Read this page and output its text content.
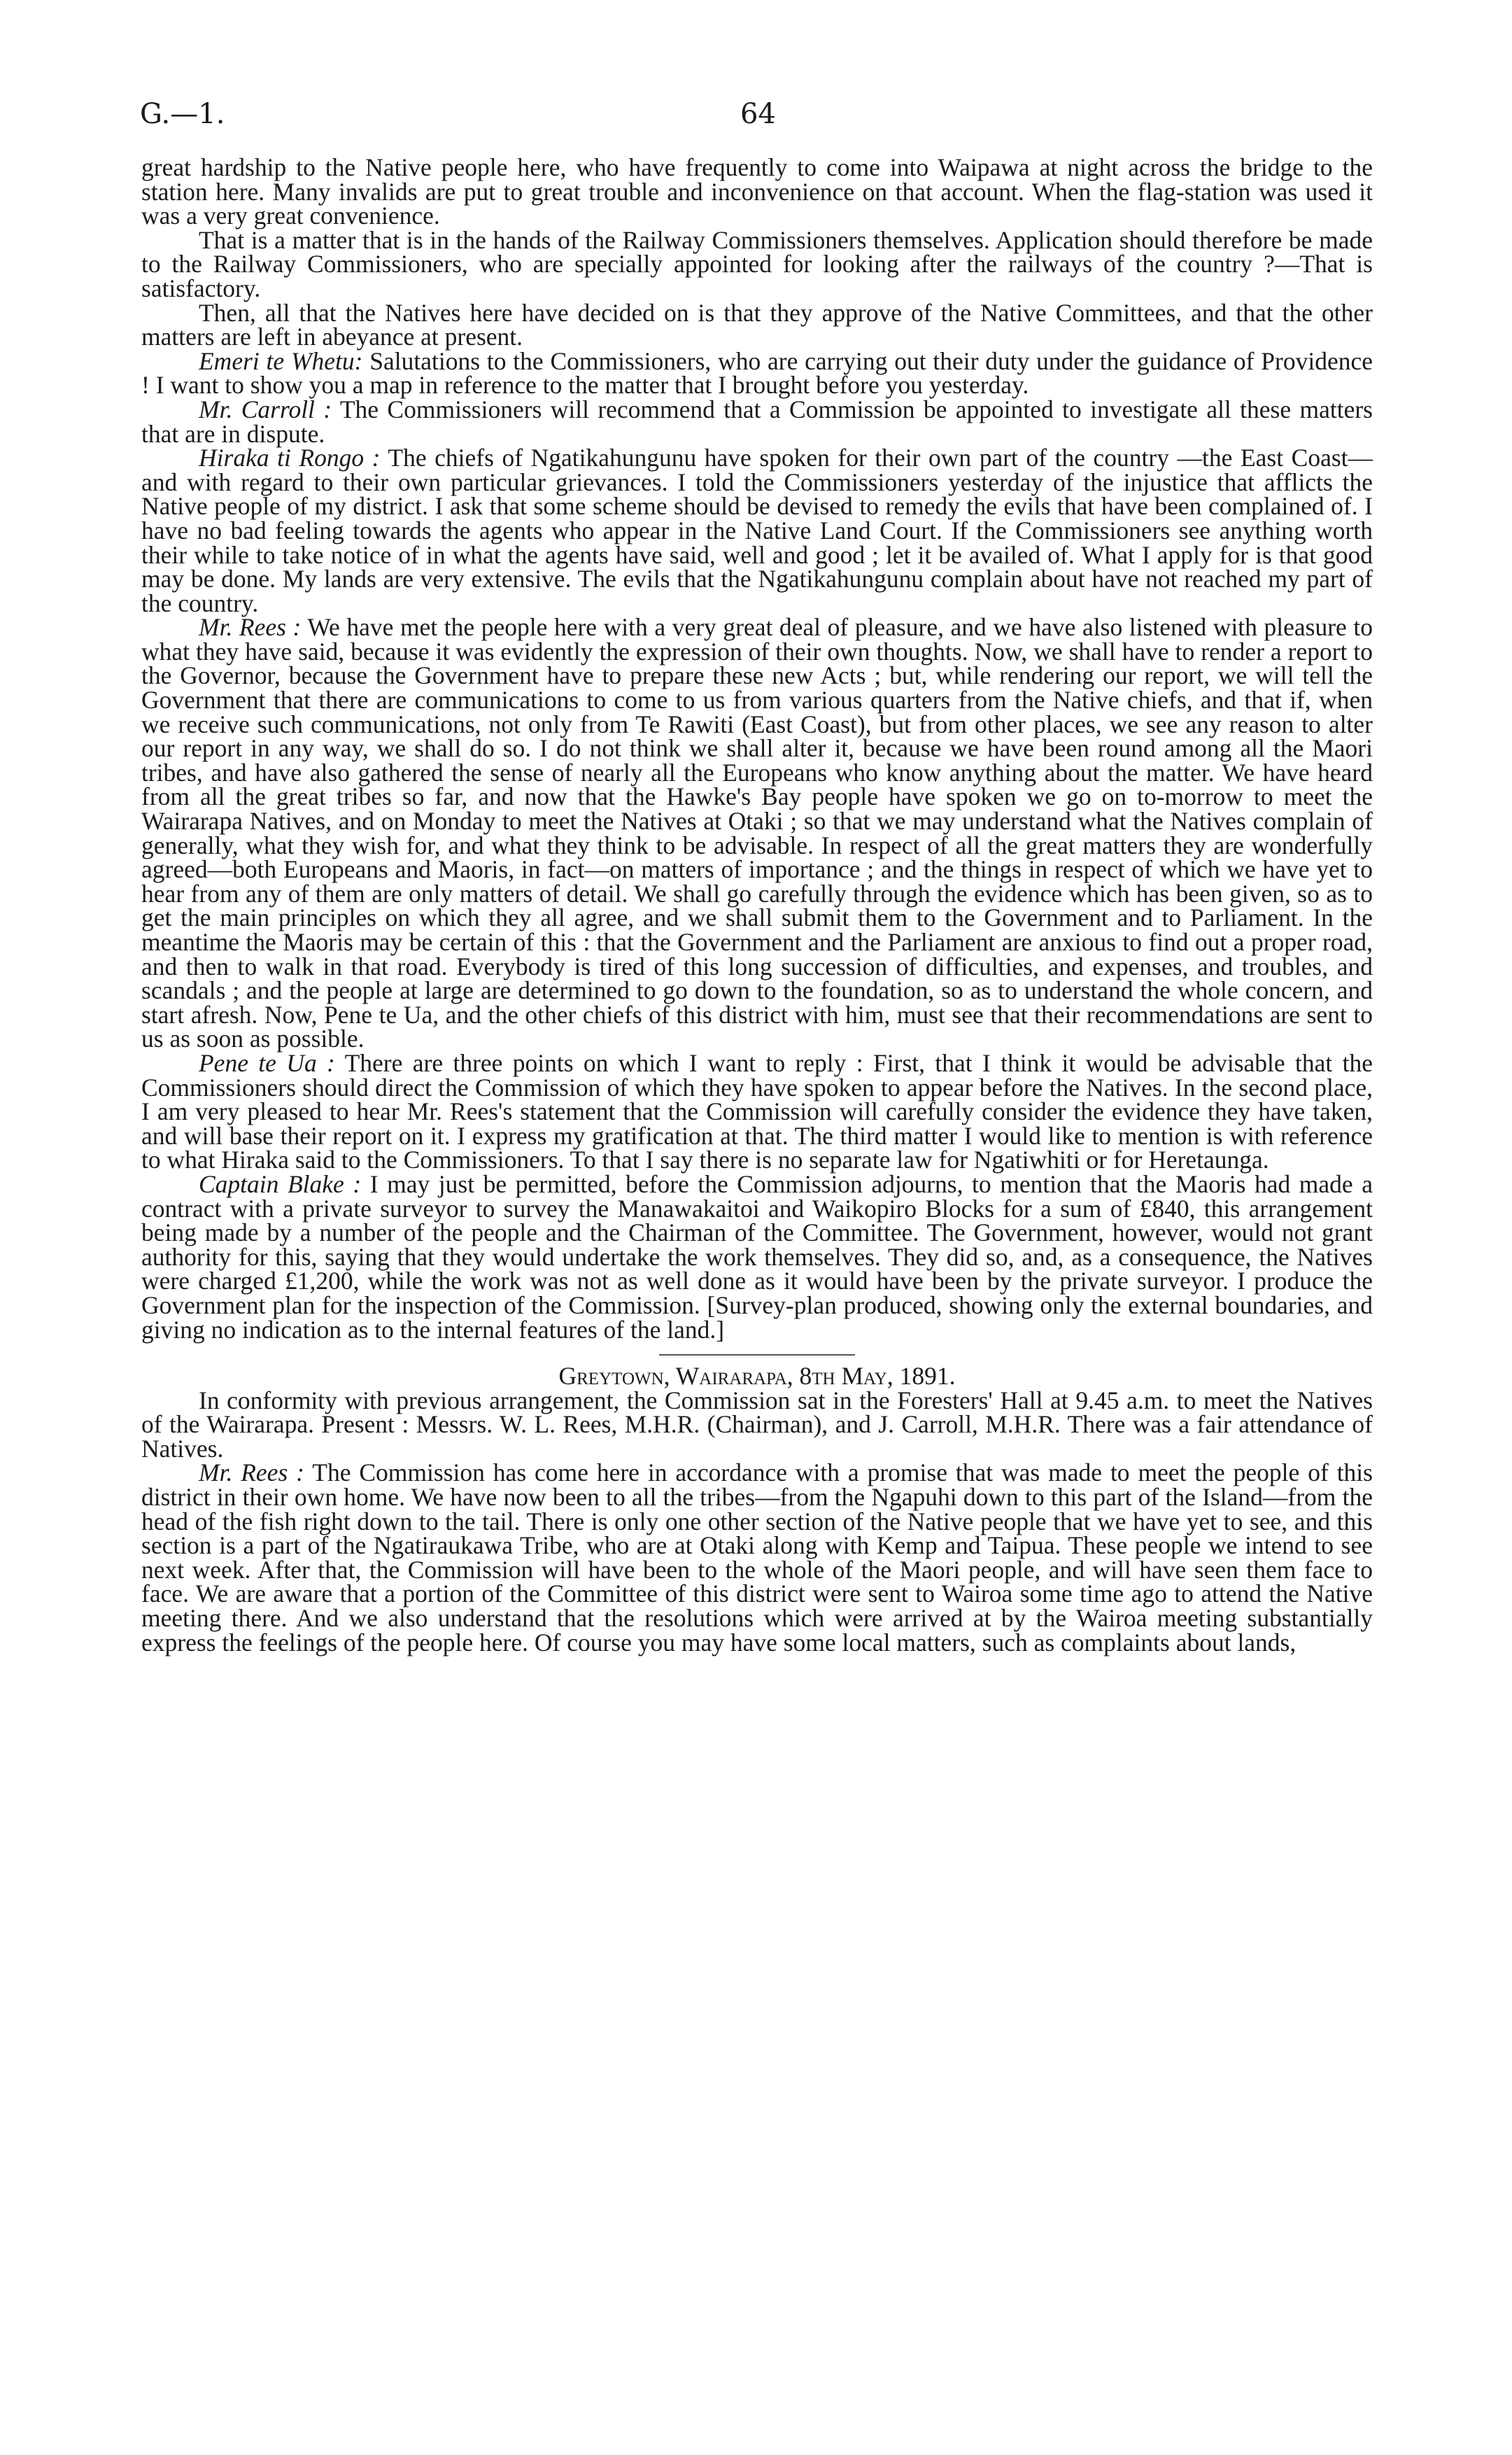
G.—1.	64

great hardship to the Native people here, who have frequently to come into Waipawa at night across the bridge to the station here. Many invalids are put to great trouble and inconvenience on that account. When the flag-station was used it was a very great convenience.

That is a matter that is in the hands of the Railway Commissioners themselves. Application should therefore be made to the Railway Commissioners, who are specially appointed for looking after the railways of the country ?—That is satisfactory.

Then, all that the Natives here have decided on is that they approve of the Native Committees, and that the other matters are left in abeyance at present.

Emeri te Whetu: Salutations to the Commissioners, who are carrying out their duty under the guidance of Providence ! I want to show you a map in reference to the matter that I brought before you yesterday.

Mr. Carroll : The Commissioners will recommend that a Commission be appointed to investigate all these matters that are in dispute.

Hiraka ti Rongo : The chiefs of Ngatikahungunu have spoken for their own part of the country —the East Coast—and with regard to their own particular grievances. I told the Commissioners yesterday of the injustice that afflicts the Native people of my district. I ask that some scheme should be devised to remedy the evils that have been complained of. I have no bad feeling towards the agents who appear in the Native Land Court. If the Commissioners see anything worth their while to take notice of in what the agents have said, well and good ; let it be availed of. What I apply for is that good may be done. My lands are very extensive. The evils that the Ngatikahungunu complain about have not reached my part of the country.

Mr. Rees : We have met the people here with a very great deal of pleasure, and we have also listened with pleasure to what they have said, because it was evidently the expression of their own thoughts. Now, we shall have to render a report to the Governor, because the Government have to prepare these new Acts ; but, while rendering our report, we will tell the Government that there are communications to come to us from various quarters from the Native chiefs, and that if, when we receive such communications, not only from Te Rawiti (East Coast), but from other places, we see any reason to alter our report in any way, we shall do so. I do not think we shall alter it, because we have been round among all the Maori tribes, and have also gathered the sense of nearly all the Europeans who know anything about the matter. We have heard from all the great tribes so far, and now that the Hawke's Bay people have spoken we go on to-morrow to meet the Wairarapa Natives, and on Monday to meet the Natives at Otaki ; so that we may understand what the Natives complain of generally, what they wish for, and what they think to be advisable. In respect of all the great matters they are wonderfully agreed—both Europeans and Maoris, in fact—on matters of importance ; and the things in respect of which we have yet to hear from any of them are only matters of detail. We shall go carefully through the evidence which has been given, so as to get the main principles on which they all agree, and we shall submit them to the Government and to Parliament. In the meantime the Maoris may be certain of this : that the Government and the Parliament are anxious to find out a proper road, and then to walk in that road. Everybody is tired of this long succession of difficulties, and expenses, and troubles, and scandals ; and the people at large are determined to go down to the foundation, so as to understand the whole concern, and start afresh. Now, Pene te Ua, and the other chiefs of this district with him, must see that their recommendations are sent to us as soon as possible.

Pene te Ua : There are three points on which I want to reply : First, that I think it would be advisable that the Commissioners should direct the Commission of which they have spoken to appear before the Natives. In the second place, I am very pleased to hear Mr. Rees's statement that the Commission will carefully consider the evidence they have taken, and will base their report on it. I express my gratification at that. The third matter I would like to mention is with reference to what Hiraka said to the Commissioners. To that I say there is no separate law for Ngatiwhiti or for Heretaunga.

Captain Blake : I may just be permitted, before the Commission adjourns, to mention that the Maoris had made a contract with a private surveyor to survey the Manawakaitoi and Waikopiro Blocks for a sum of £840, this arrangement being made by a number of the people and the Chairman of the Committee. The Government, however, would not grant authority for this, saying that they would undertake the work themselves. They did so, and, as a consequence, the Natives were charged £1,200, while the work was not as well done as it would have been by the private surveyor. I produce the Government plan for the inspection of the Commission. [Survey-plan produced, showing only the external boundaries, and giving no indication as to the internal features of the land.]

Greytown, Wairarapa, 8th May, 1891.

In conformity with previous arrangement, the Commission sat in the Foresters' Hall at 9.45 a.m. to meet the Natives of the Wairarapa. Present : Messrs. W. L. Rees, M.H.R. (Chairman), and J. Carroll, M.H.R. There was a fair attendance of Natives.

Mr. Rees : The Commission has come here in accordance with a promise that was made to meet the people of this district in their own home. We have now been to all the tribes—from the Ngapuhi down to this part of the Island—from the head of the fish right down to the tail. There is only one other section of the Native people that we have yet to see, and this section is a part of the Ngatiraukawa Tribe, who are at Otaki along with Kemp and Taipua. These people we intend to see next week. After that, the Commission will have been to the whole of the Maori people, and will have seen them face to face. We are aware that a portion of the Committee of this district were sent to Wairoa some time ago to attend the Native meeting there. And we also understand that the resolutions which were arrived at by the Wairoa meeting substantially express the feelings of the people here. Of course you may have some local matters, such as complaints about lands,
